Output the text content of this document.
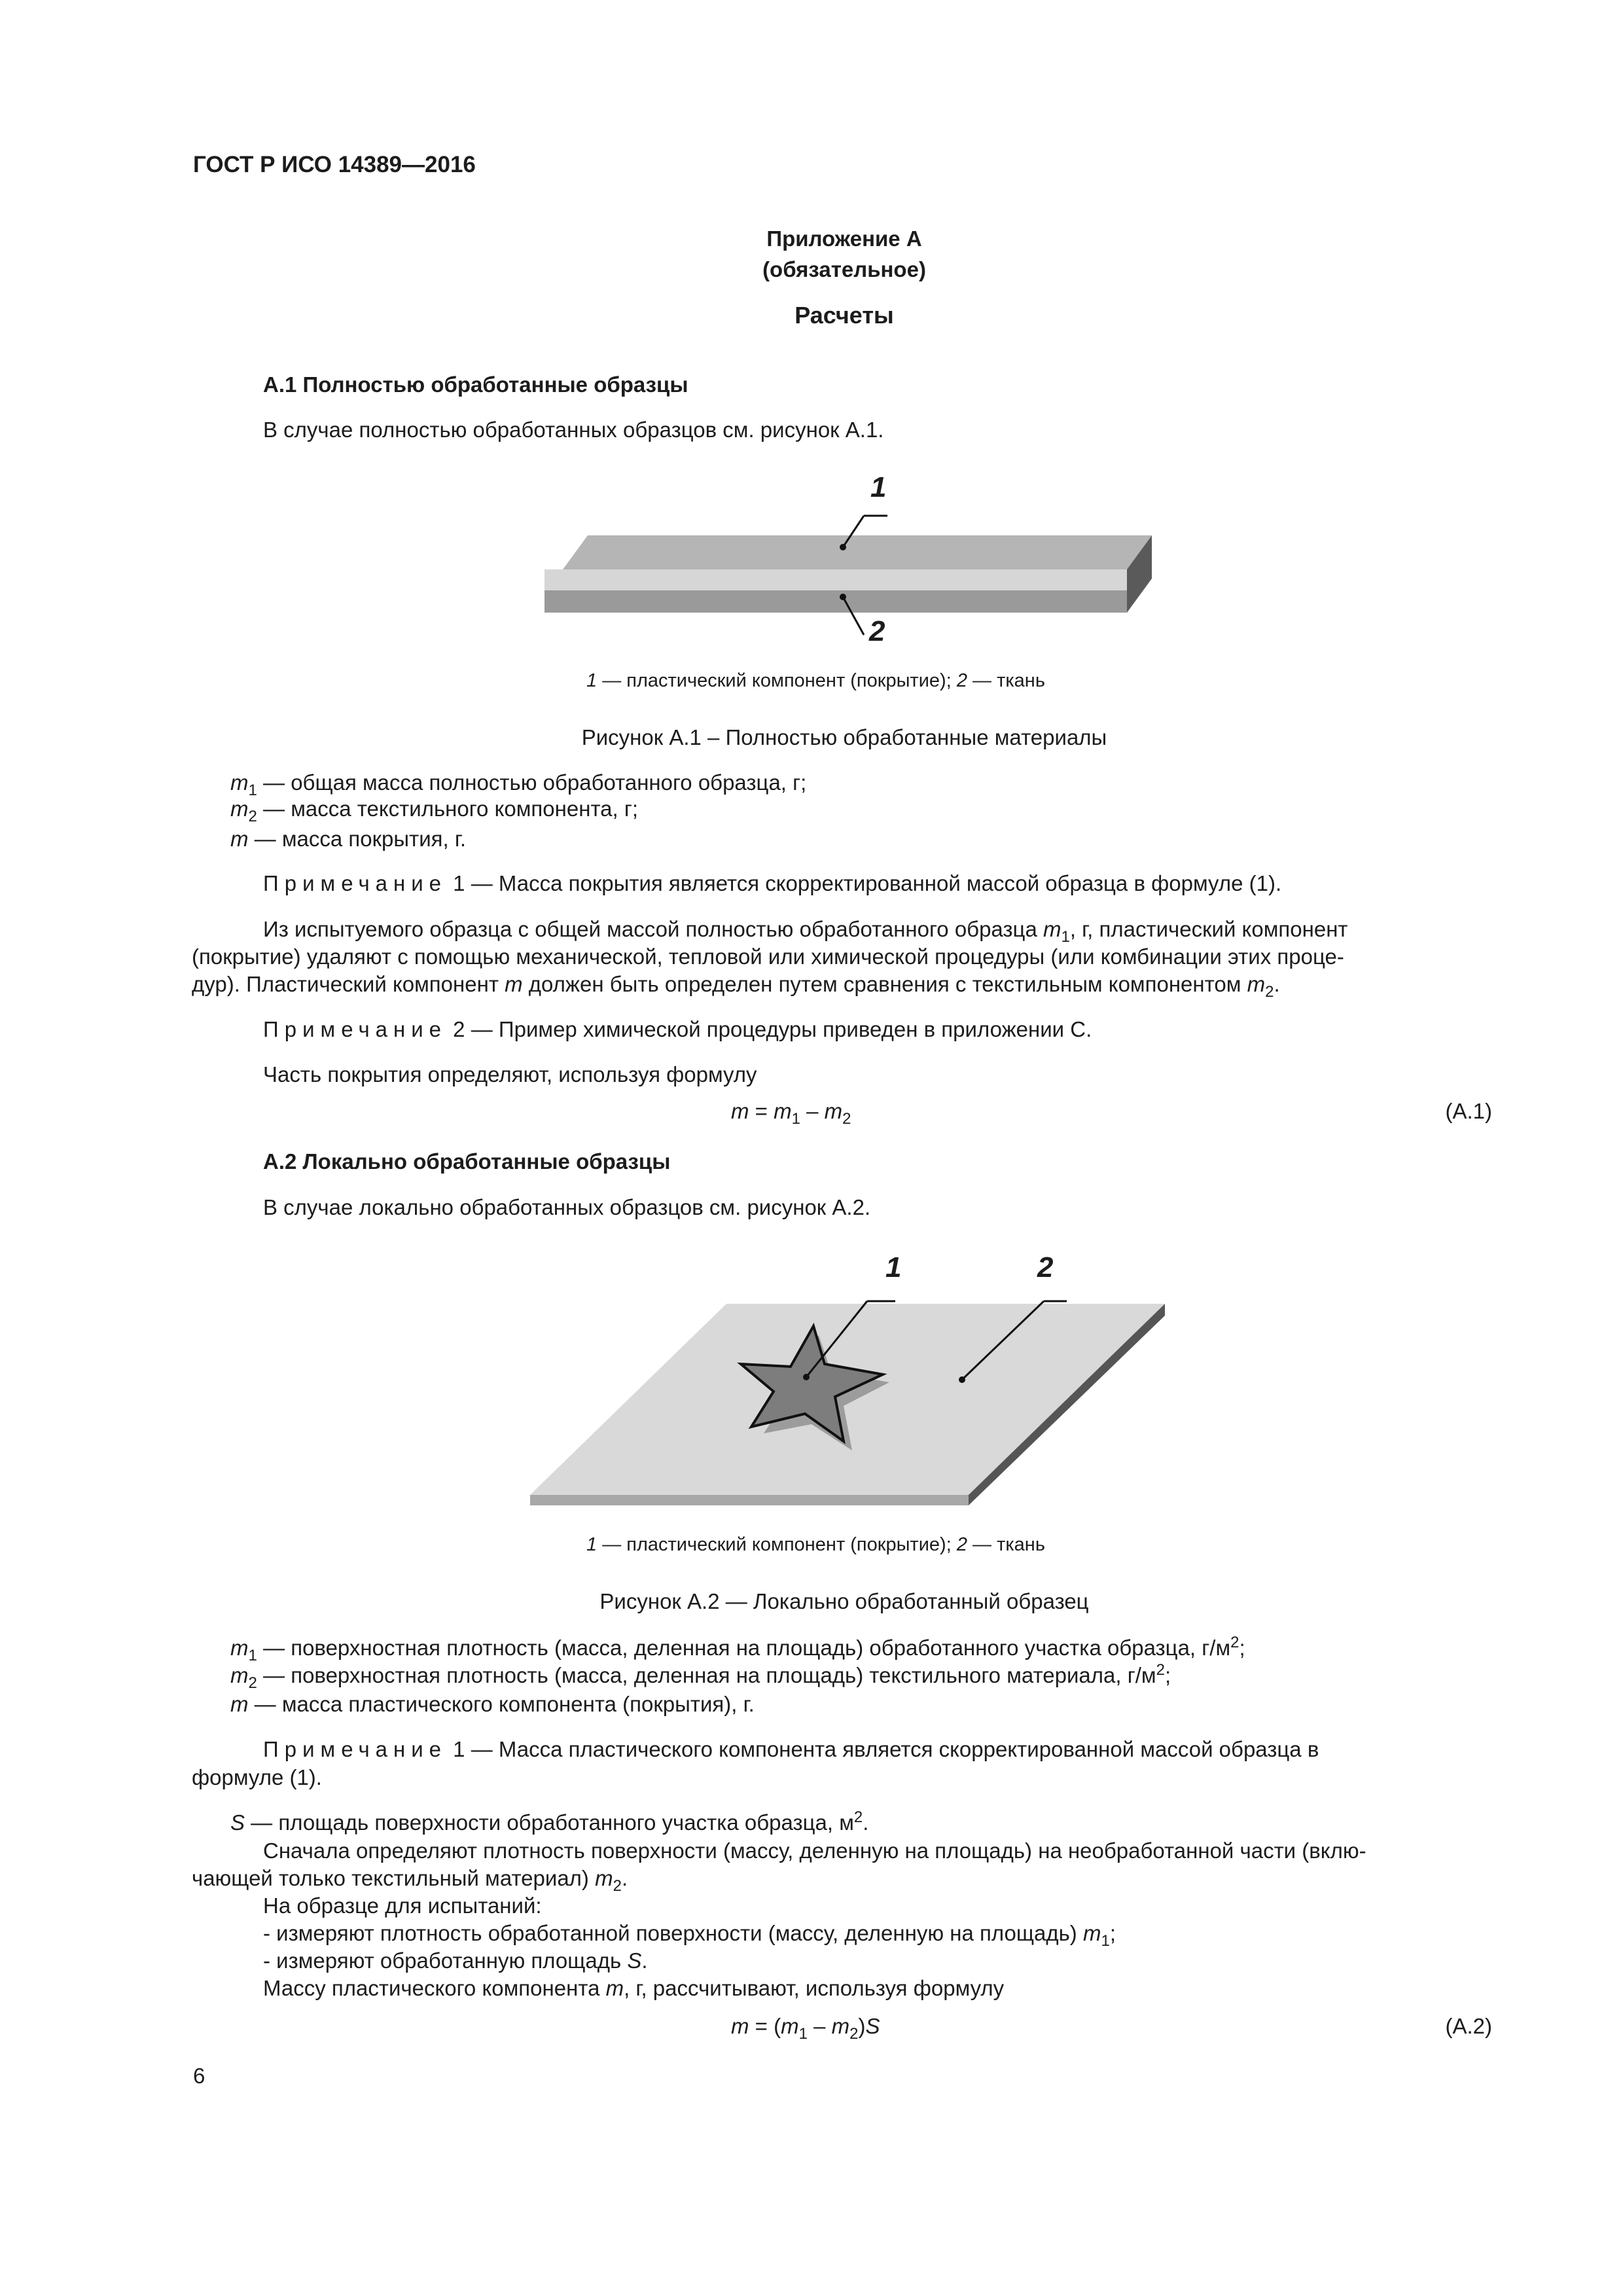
ГОСТ Р ИСО 14389—2016
Приложение А
(обязательное)
Расчеты
А.1 Полностью обработанные образцы
В случае полностью обработанных образцов см. рисунок А.1.
1
2
1 — пластический компонент (покрытие); 2 — ткань
Рисунок А.1 – Полностью обработанные материалы
$m_1$ — общая масса полностью обработанного образца, г;
$m_2$ — масса текстильного компонента, г;
m — масса покрытия, г.
Примечание 1 — Масса покрытия является скорректированной массой образца в формуле (1).
Из испытуемого образца с общей массой полностью обработанного образца $m_1$, г, пластический компонент
(покрытие) удаляют с помощью механической, тепловой или химической процедуры (или комбинации этих проце-
дур). Пластический компонент m должен быть определен путем сравнения с текстильным компонентом $m_2$.
Примечание 2 — Пример химической процедуры приведен в приложении С.
Часть покрытия определяют, используя формулу
$m = m_1 - m_2$	(А.1)
А.2 Локально обработанные образцы
В случае локально обработанных образцов см. рисунок А.2.
1	2
1 — пластический компонент (покрытие); 2 — ткань
Рисунок А.2 — Локально обработанный образец
$m_1$ — поверхностная плотность (масса, деленная на площадь) обработанного участка образца, $г/м^2$;
$m_2$ — поверхностная плотность (масса, деленная на площадь) текстильного материала, $г/м^2$;
m — масса пластического компонента (покрытия), г.
Примечание 1 — Масса пластического компонента является скорректированной массой образца в
формуле (1).
S — площадь поверхности обработанного участка образца, $м^2$.
Сначала определяют плотность поверхности (массу, деленную на площадь) на необработанной части (вклю-
чающей только текстильный материал) $m_2$.
На образце для испытаний:
- измеряют плотность обработанной поверхности (массу, деленную на площадь) $m_1$;
- измеряют обработанную площадь S.
Массу пластического компонента m, г, рассчитывают, используя формулу
$m = (m_1 - m_2)S$	(А.2)
6
